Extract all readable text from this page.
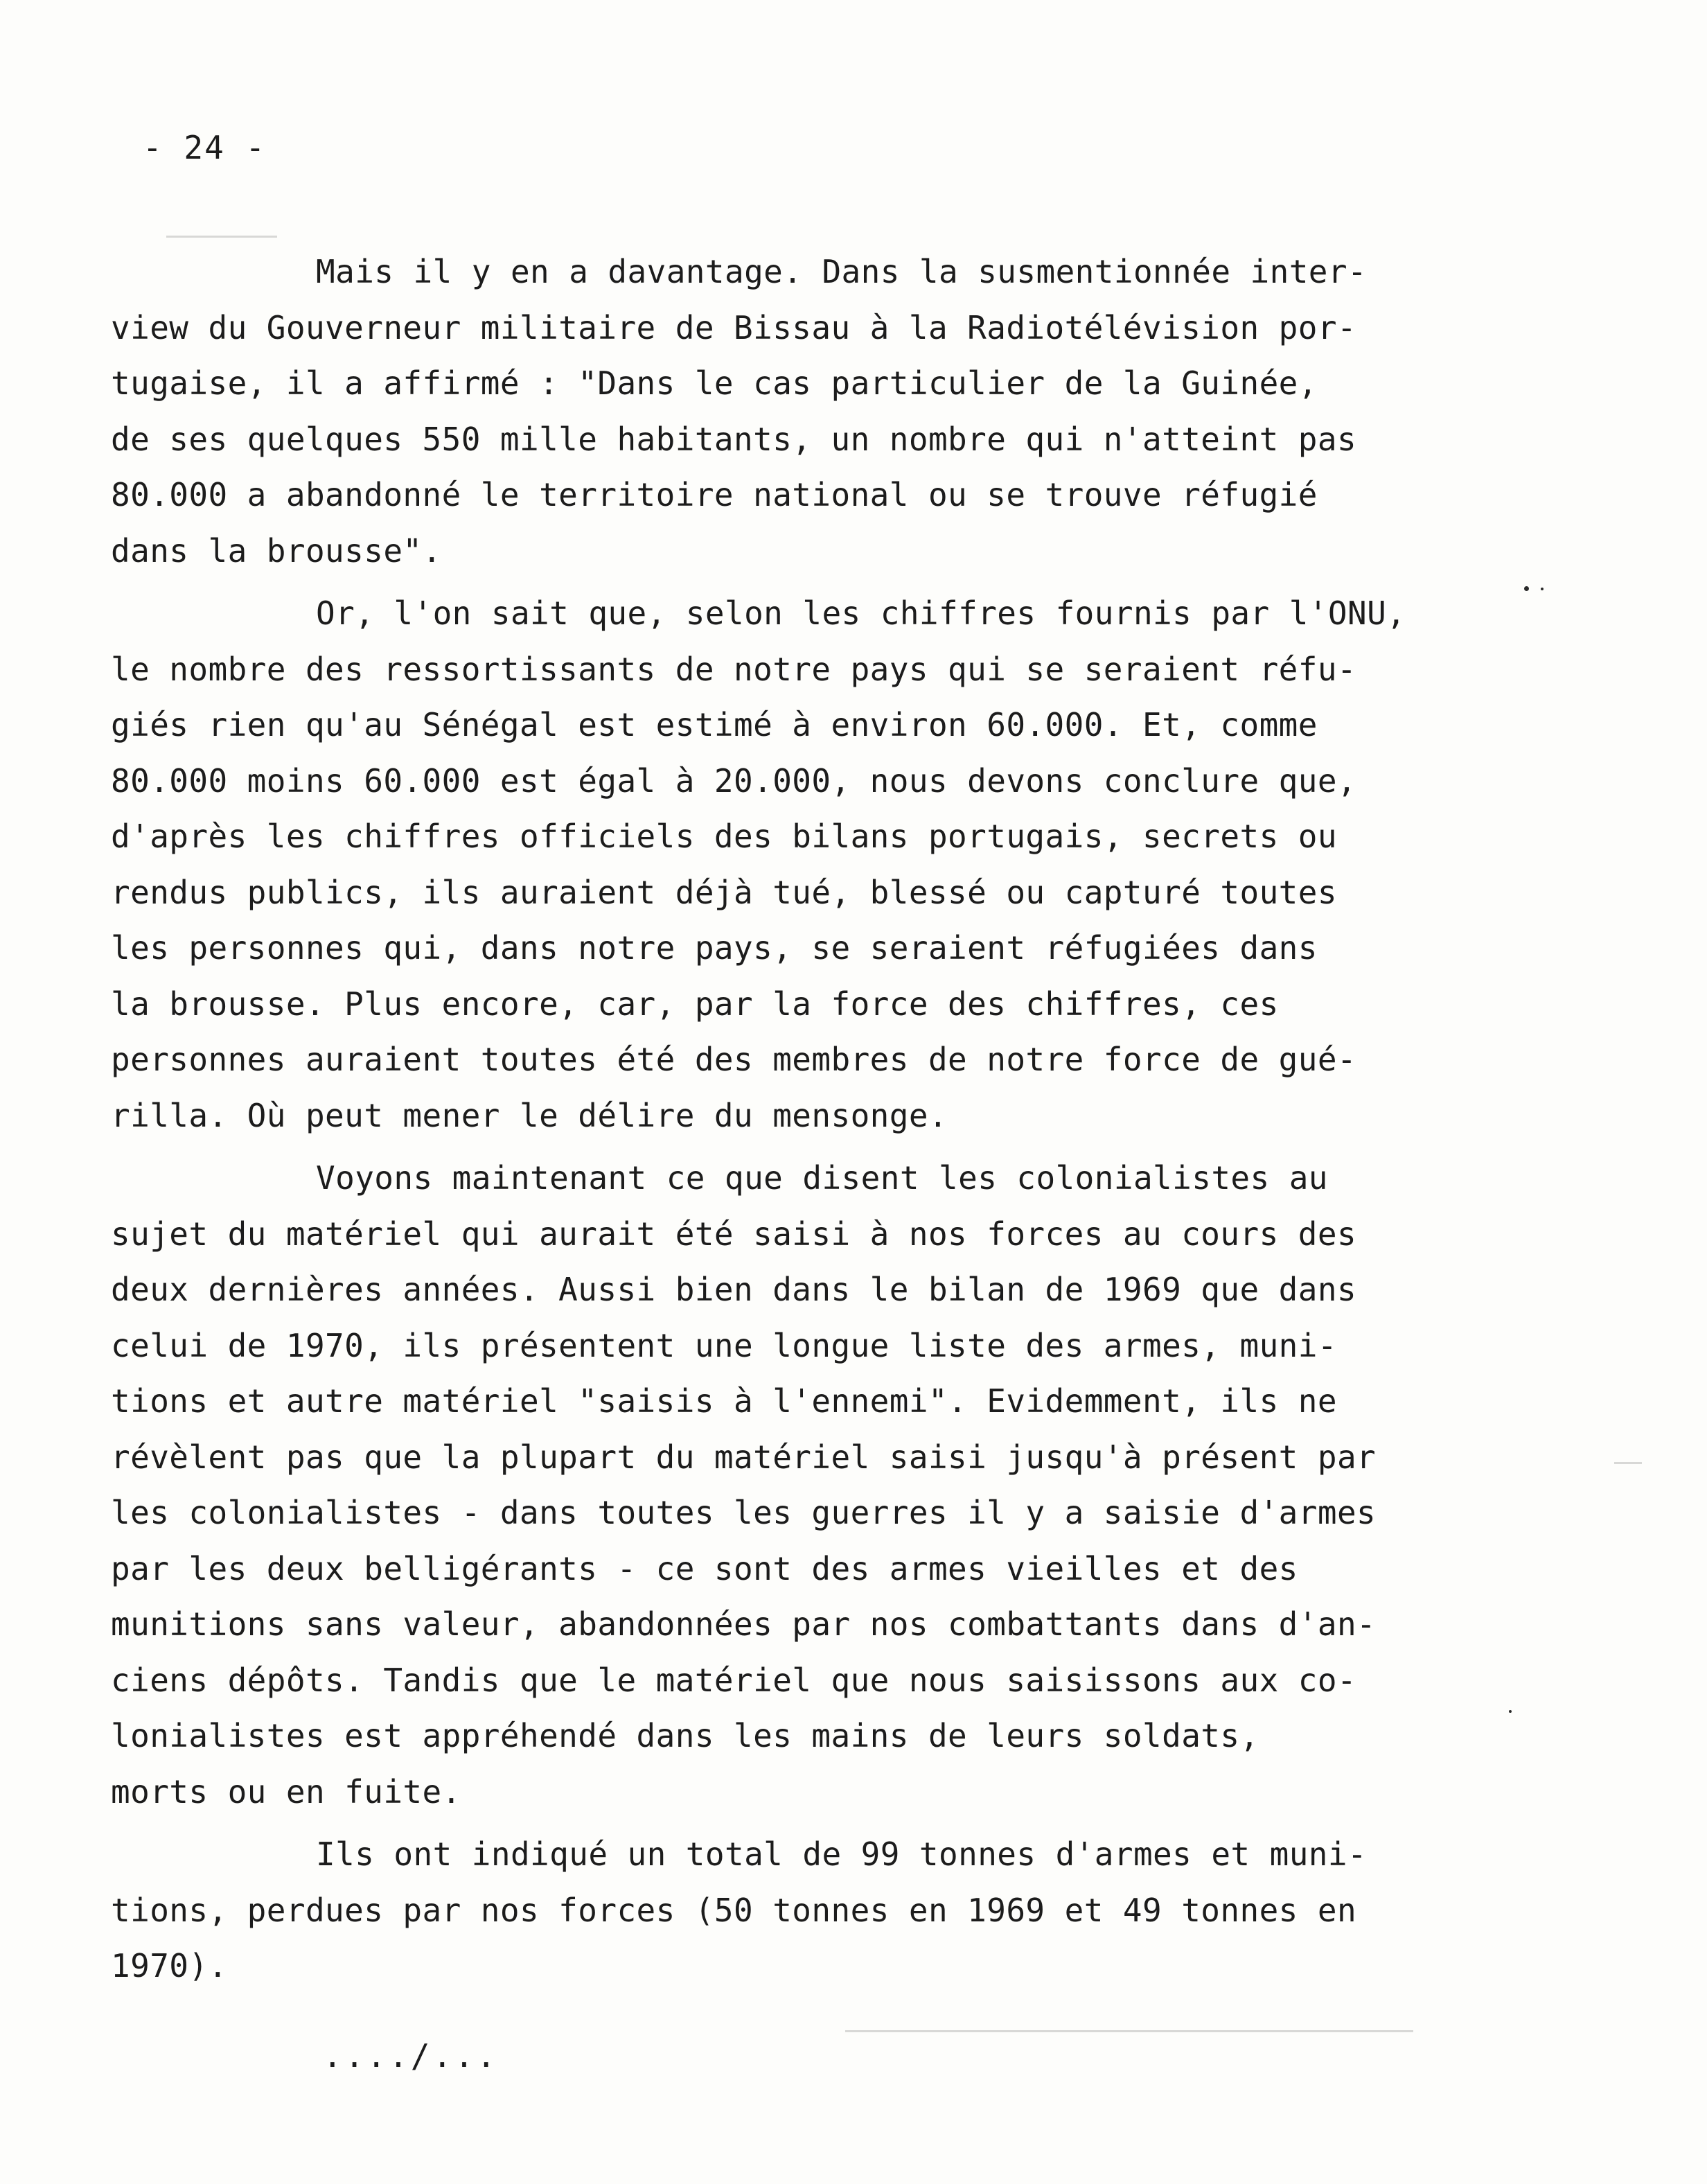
- 24 -
Mais il y en a davantage. Dans la susmentionnée inter-
view du Gouverneur militaire de Bissau à la Radiotélévision por-
tugaise, il a affirmé : "Dans le cas particulier de la Guinée,
de ses quelques 550 mille habitants, un nombre qui n'atteint pas
80.000 a abandonné le territoire national ou se trouve réfugié
dans la brousse".
Or, l'on sait que, selon les chiffres fournis par l'ONU,
le nombre des ressortissants de notre pays qui se seraient réfu-
giés rien qu'au Sénégal est estimé à environ 60.000. Et, comme
80.000 moins 60.000 est égal à 20.000, nous devons conclure que,
d'après les chiffres officiels des bilans portugais, secrets ou
rendus publics, ils auraient déjà tué, blessé ou capturé toutes
les personnes qui, dans notre pays, se seraient réfugiées dans
la brousse. Plus encore, car, par la force des chiffres, ces
personnes auraient toutes été des membres de notre force de gué-
rilla. Où peut mener le délire du mensonge.
Voyons maintenant ce que disent les colonialistes au
sujet du matériel qui aurait été saisi à nos forces au cours des
deux dernières années. Aussi bien dans le bilan de 1969 que dans
celui de 1970, ils présentent une longue liste des armes, muni-
tions et autre matériel "saisis à l'ennemi". Evidemment, ils ne
révèlent pas que la plupart du matériel saisi jusqu'à présent par
les colonialistes - dans toutes les guerres il y a saisie d'armes
par les deux belligérants - ce sont des armes vieilles et des
munitions sans valeur, abandonnées par nos combattants dans d'an-
ciens dépôts. Tandis que le matériel que nous saisissons aux co-
lonialistes est appréhendé dans les mains de leurs soldats,
morts ou en fuite.
Ils ont indiqué un total de 99 tonnes d'armes et muni-
tions, perdues par nos forces (50 tonnes en 1969 et 49 tonnes en
1970).
..../...
